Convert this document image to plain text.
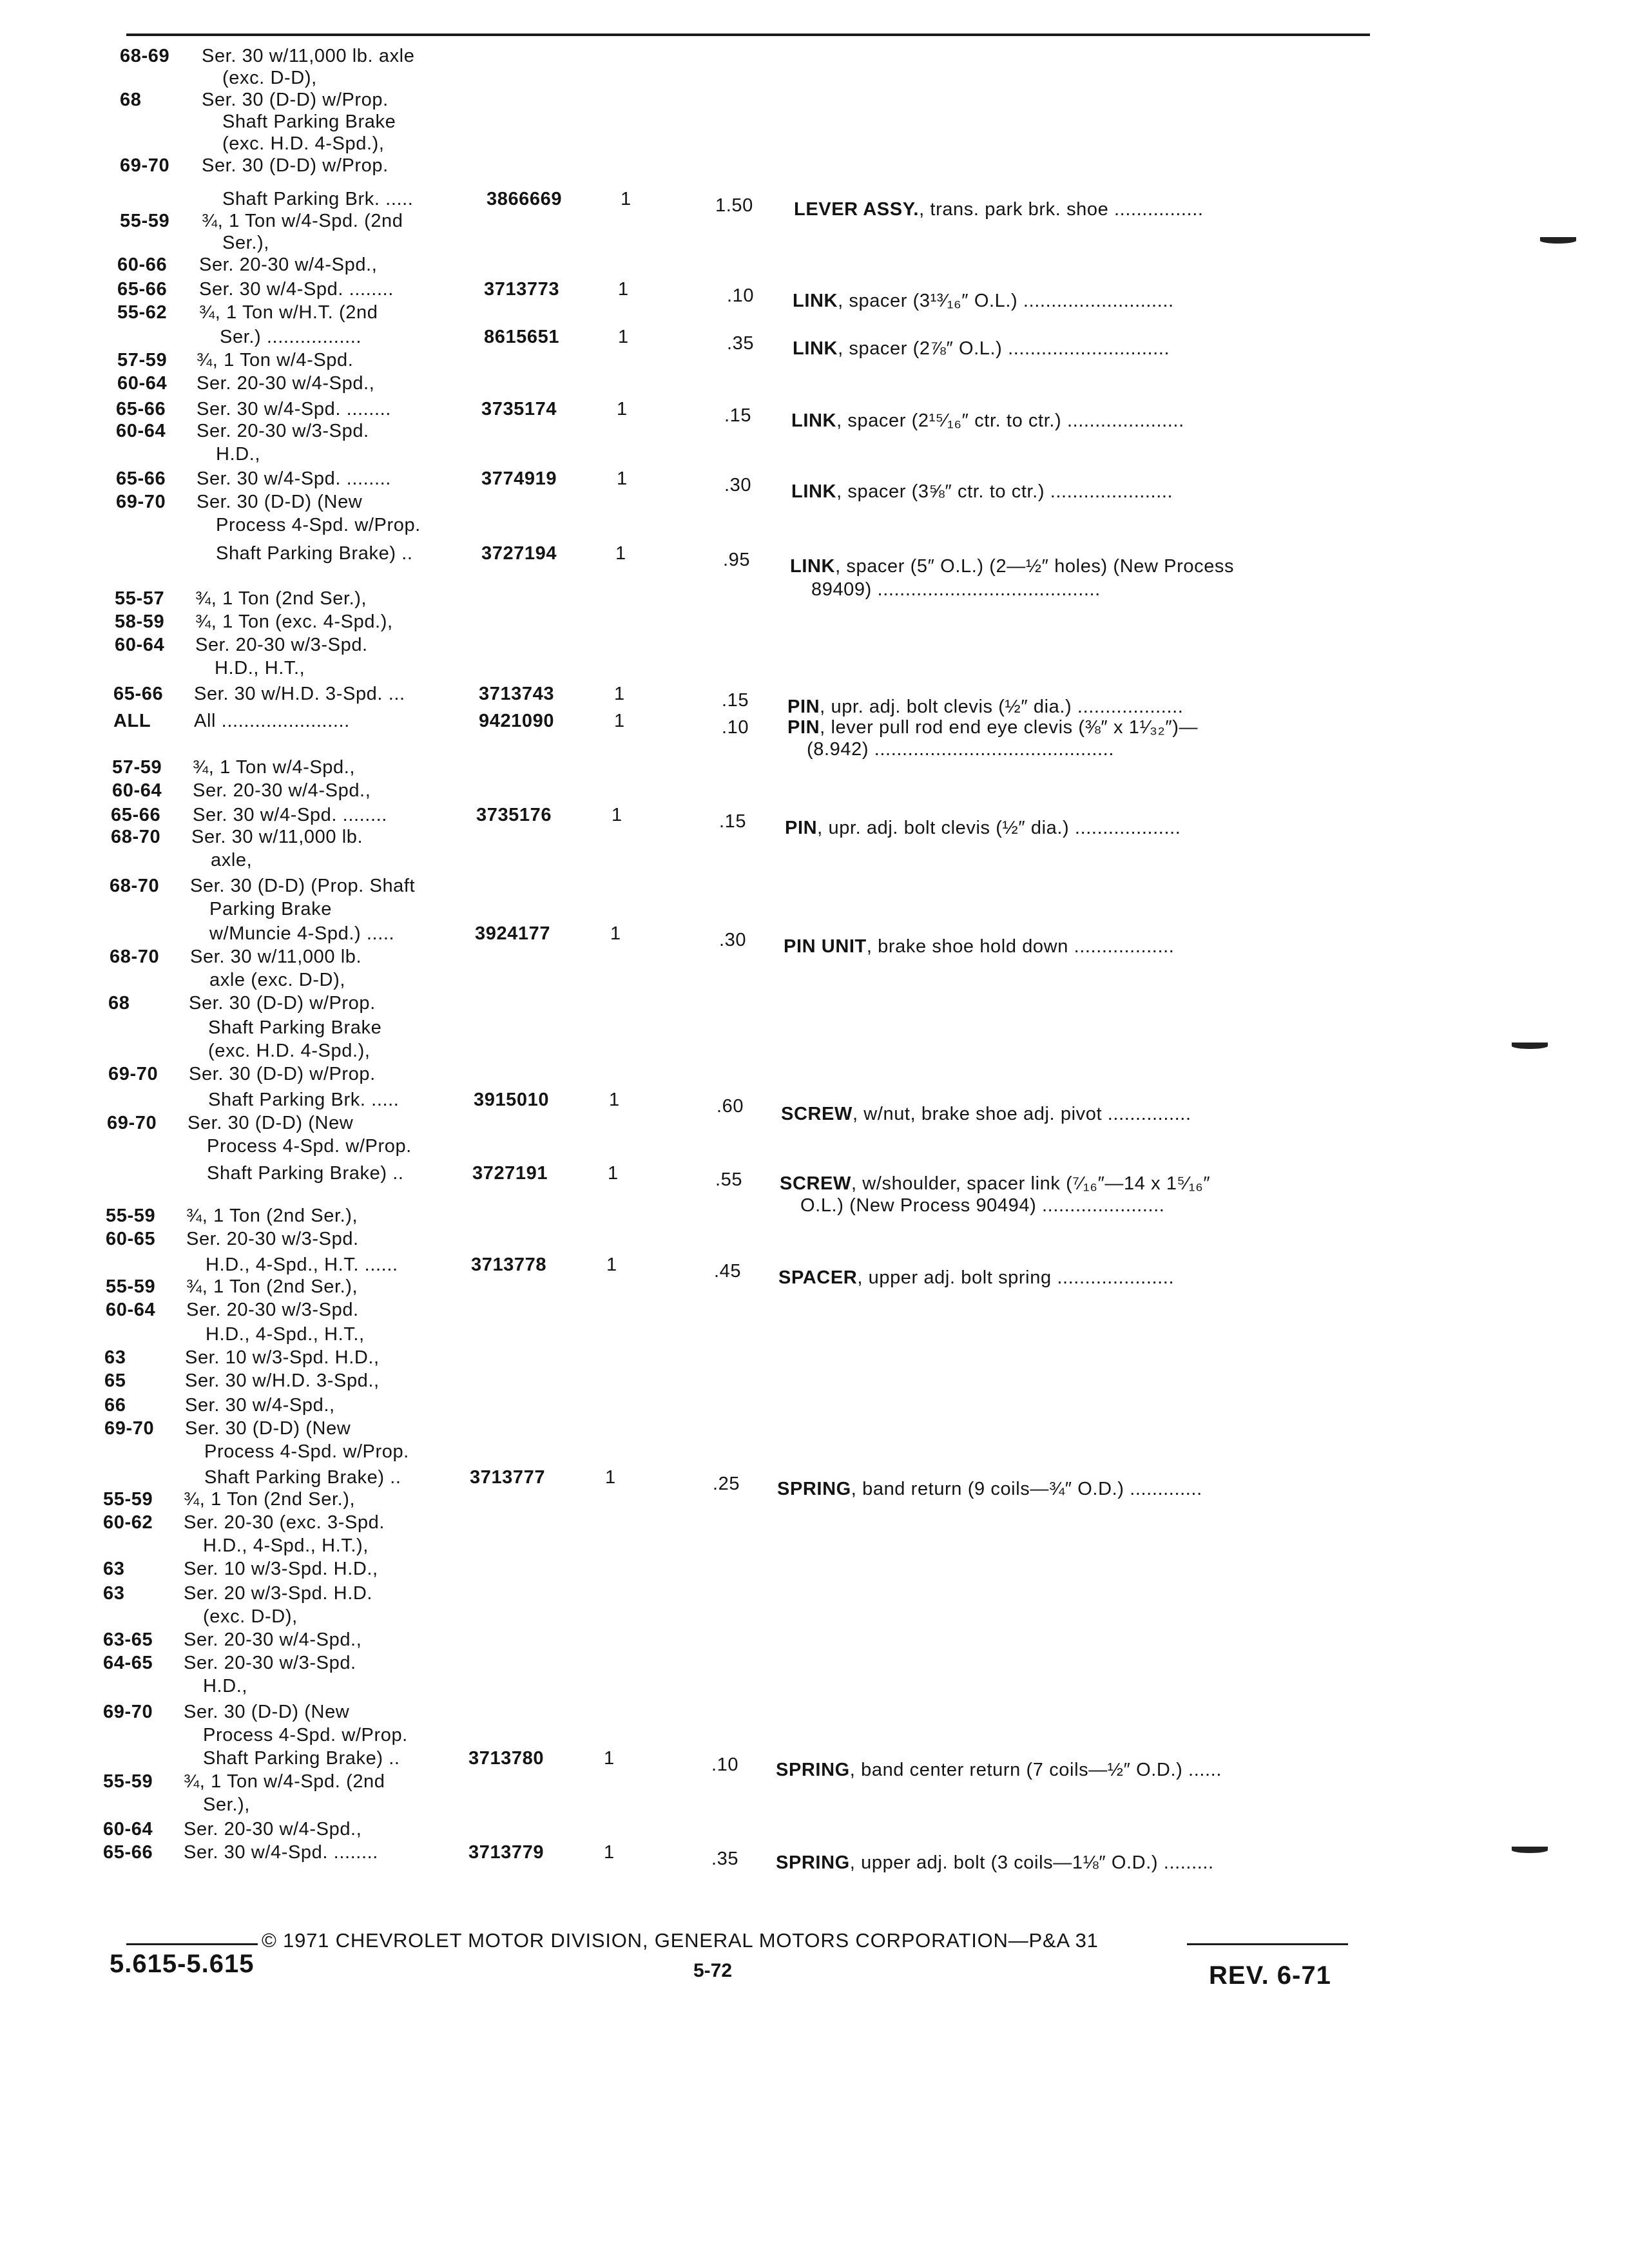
68-69 Ser. 30 w/11,000 lb. axle
(exc. D-D),
68	Ser. 30 (D-D) w/Prop.
Shaft Parking Brake
(exc. H.D. 4-Spd.),
69-70 Ser. 30 (D-D) w/Prop.
Shaft Parking Brk. .....	3866669	1	1.50 LEVER ASSY., trans. park brk. shoe ................
55-59 ¾, 1 Ton w/4-Spd. (2nd
Ser.),
60-66 Ser. 20-30 w/4-Spd.,
65-66 Ser. 30 w/4-Spd. ........	3713773	1	.10 LINK, spacer (3¹³⁄₁₆″ O.L.) ...........................
55-62 ¾, 1 Ton w/H.T. (2nd
Ser.) .................	8615651	1	.35 LINK, spacer (2⅞″ O.L.) .............................
57-59 ¾, 1 Ton w/4-Spd.
60-64 Ser. 20-30 w/4-Spd.,
65-66 Ser. 30 w/4-Spd. ........	3735174	1	.15 LINK, spacer (2¹⁵⁄₁₆″ ctr. to ctr.) .....................
60-64 Ser. 20-30 w/3-Spd.
H.D.,
65-66 Ser. 30 w/4-Spd. ........	3774919	1	.30 LINK, spacer (3⅝″ ctr. to ctr.) ......................
69-70 Ser. 30 (D-D) (New
Process 4-Spd. w/Prop.
Shaft Parking Brake) ..	3727194	1	.95 LINK, spacer (5″ O.L.) (2—½″ holes) (New Process
89409) ........................................
55-57 ¾, 1 Ton (2nd Ser.),
58-59 ¾, 1 Ton (exc. 4-Spd.),
60-64 Ser. 20-30 w/3-Spd.
H.D., H.T.,
65-66 Ser. 30 w/H.D. 3-Spd. ...	3713743	1	.15 PIN, upr. adj. bolt clevis (½″ dia.) ...................
ALL All .......................	9421090	1	.10 PIN, lever pull rod end eye clevis (⅜″ x 1¹⁄₃₂″)—
(8.942) ...........................................
57-59 ¾, 1 Ton w/4-Spd.,
60-64 Ser. 20-30 w/4-Spd.,
65-66 Ser. 30 w/4-Spd. ........	3735176	1	.15 PIN, upr. adj. bolt clevis (½″ dia.) ...................
68-70 Ser. 30 w/11,000 lb.
axle,
68-70 Ser. 30 (D-D) (Prop. Shaft
Parking Brake
w/Muncie 4-Spd.) .....	3924177	1	.30 PIN UNIT, brake shoe hold down ..................
68-70 Ser. 30 w/11,000 lb.
axle (exc. D-D),
68	Ser. 30 (D-D) w/Prop.
Shaft Parking Brake
(exc. H.D. 4-Spd.),
69-70 Ser. 30 (D-D) w/Prop.
Shaft Parking Brk. .....	3915010	1	.60 SCREW, w/nut, brake shoe adj. pivot ...............
69-70 Ser. 30 (D-D) (New
Process 4-Spd. w/Prop.
Shaft Parking Brake) ..	3727191	1	.55 SCREW, w/shoulder, spacer link (⁷⁄₁₆″—14 x 1⁵⁄₁₆″
O.L.) (New Process 90494) ......................
55-59 ¾, 1 Ton (2nd Ser.),
60-65 Ser. 20-30 w/3-Spd.
H.D., 4-Spd., H.T. ......	3713778	1	.45 SPACER, upper adj. bolt spring .....................
55-59 ¾, 1 Ton (2nd Ser.),
60-64 Ser. 20-30 w/3-Spd.
H.D., 4-Spd., H.T.,
63	Ser. 10 w/3-Spd. H.D.,
65	Ser. 30 w/H.D. 3-Spd.,
66	Ser. 30 w/4-Spd.,
69-70 Ser. 30 (D-D) (New
Process 4-Spd. w/Prop.
Shaft Parking Brake) ..	3713777	1	.25 SPRING, band return (9 coils—¾″ O.D.) .............
55-59 ¾, 1 Ton (2nd Ser.),
60-62 Ser. 20-30 (exc. 3-Spd.
H.D., 4-Spd., H.T.),
63	Ser. 10 w/3-Spd. H.D.,
63	Ser. 20 w/3-Spd. H.D.
(exc. D-D),
63-65 Ser. 20-30 w/4-Spd.,
64-65 Ser. 20-30 w/3-Spd.
H.D.,
69-70 Ser. 30 (D-D) (New
Process 4-Spd. w/Prop.
Shaft Parking Brake) ..	3713780	1	.10 SPRING, band center return (7 coils—½″ O.D.) ......
55-59 ¾, 1 Ton w/4-Spd. (2nd
Ser.),
60-64 Ser. 20-30 w/4-Spd.,
65-66 Ser. 30 w/4-Spd. ........	3713779	1	.35 SPRING, upper adj. bolt (3 coils—1⅛″ O.D.) .........
© 1971 CHEVROLET MOTOR DIVISION, GENERAL MOTORS CORPORATION—P&A 31
5.615-5.615	5-72	REV. 6-71
